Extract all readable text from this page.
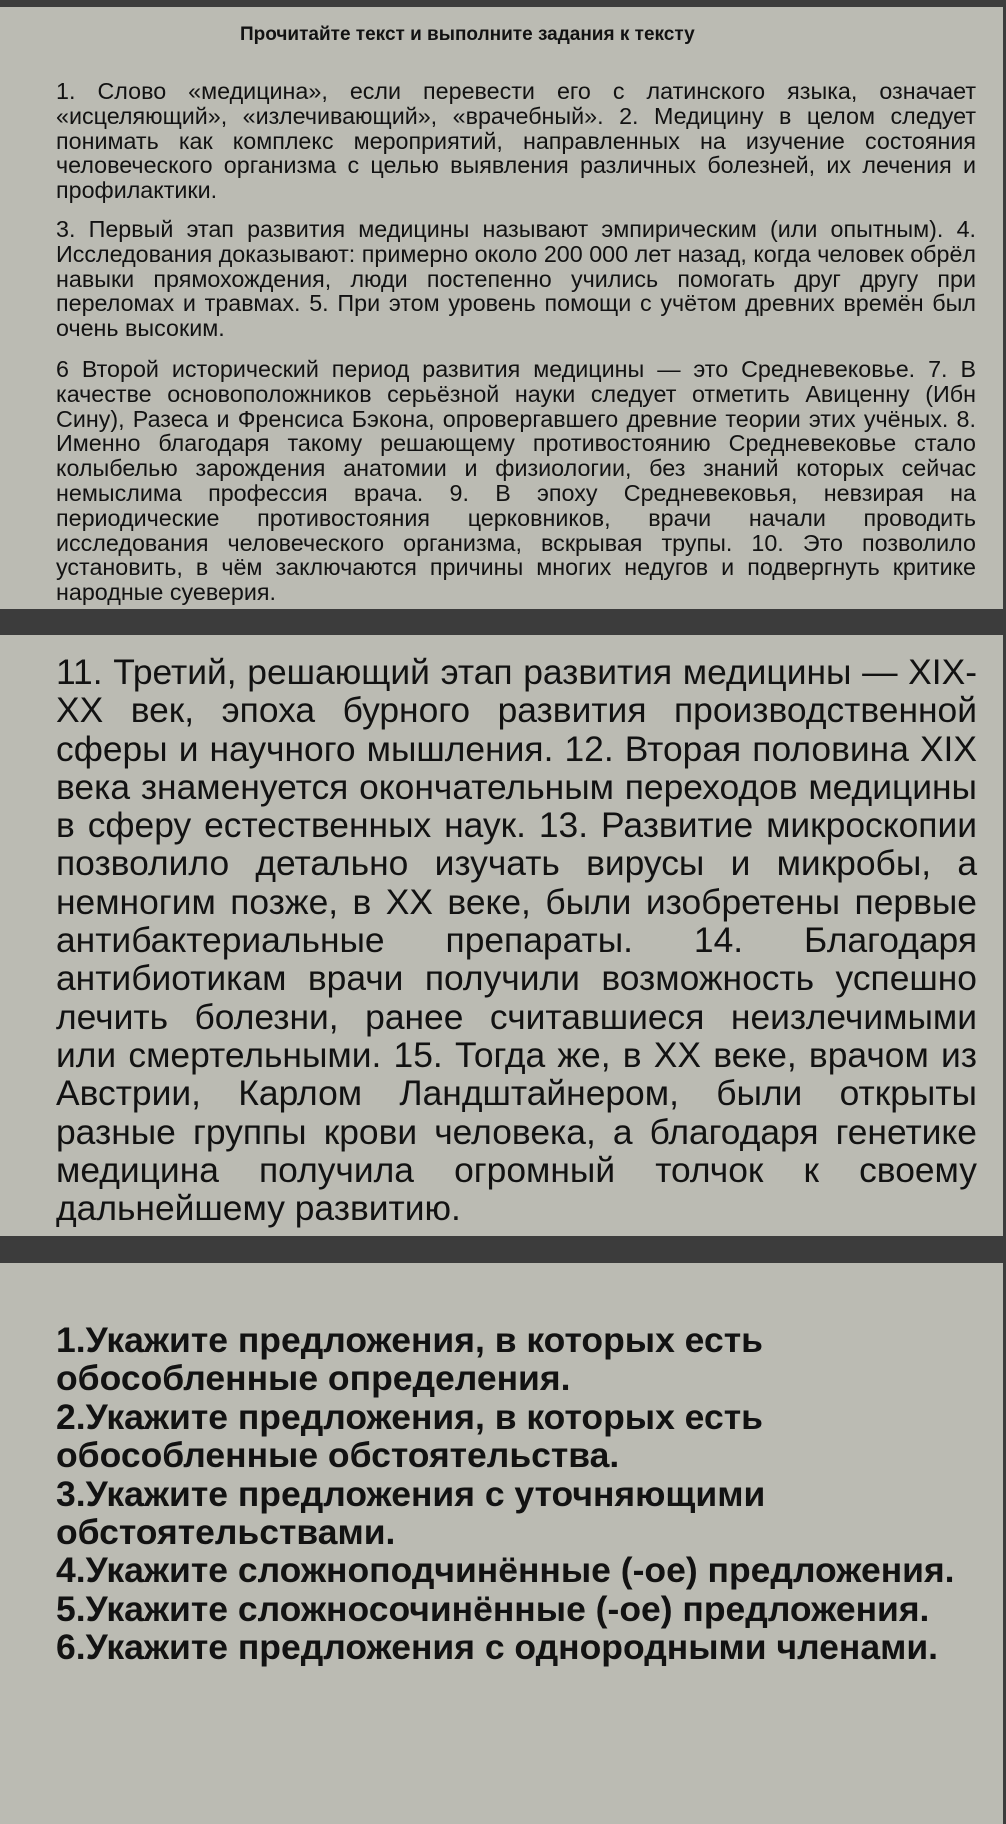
Прочитайте текст и выполните задания к тексту

1. Слово «медицина», если перевести его с латинского языка, означает «исцеляющий», «излечивающий», «врачебный». 2. Медицину в целом следует понимать как комплекс мероприятий, направленных на изучение состояния человеческого организма с целью выявления различных болезней, их лечения и профилактики.

3. Первый этап развития медицины называют эмпирическим (или опытным). 4. Исследования доказывают: примерно около 200 000 лет назад, когда человек обрёл навыки прямохождения, люди постепенно учились помогать друг другу при переломах и травмах. 5. При этом уровень помощи с учётом древних времён был очень высоким.

6 Второй исторический период развития медицины — это Средневековье. 7. В качестве основоположников серьёзной науки следует отметить Авиценну (Ибн Сину), Разеса и Френсиса Бэкона, опровергавшего древние теории этих учёных. 8. Именно благодаря такому решающему противостоянию Средневековье стало колыбелью зарождения анатомии и физиологии, без знаний которых сейчас немыслима профессия врача. 9. В эпоху Средневековья, невзирая на периодические противостояния церковников, врачи начали проводить исследования человеческого организма, вскрывая трупы. 10. Это позволило установить, в чём заключаются причины многих недугов и подвергнуть критике народные суеверия.

11. Третий, решающий этап развития медицины — XIX-XX век, эпоха бурного развития производственной сферы и научного мышления. 12. Вторая половина XIX века знаменуется окончательным переходов медицины в сферу естественных наук. 13. Развитие микроскопии позволило детально изучать вирусы и микробы, а немногим позже, в XX веке, были изобретены первые антибактериальные препараты. 14. Благодаря антибиотикам врачи получили возможность успешно лечить болезни, ранее считавшиеся неизлечимыми или смертельными. 15. Тогда же, в XX веке, врачом из Австрии, Карлом Ландштайнером, были открыты разные группы крови человека, а благодаря генетике медицина получила огромный толчок к своему дальнейшему развитию.

1.Укажите предложения, в которых есть обособленные определения.
2.Укажите предложения, в которых есть обособленные обстоятельства.
3.Укажите предложения с уточняющими обстоятельствами.
4.Укажите сложноподчинённые (-ое) предложения.
5.Укажите сложносочинённые (-ое) предложения.
6.Укажите предложения с однородными членами.
